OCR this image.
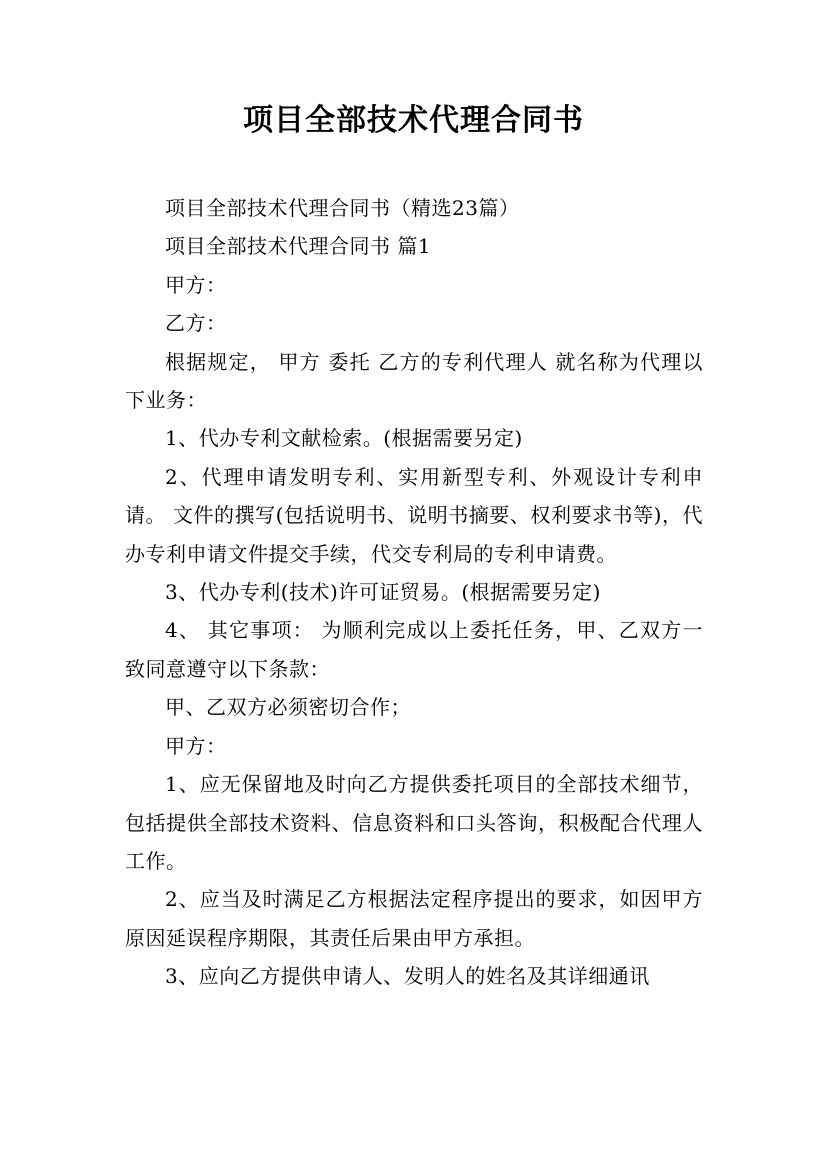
项目全部技术代理合同书

项目全部技术代理合同书（精选23篇）

项目全部技术代理合同书 篇1

甲方：

乙方：

根据规定， 甲方 委托 乙方的专利代理人 就名称为代理以下业务：

1、代办专利文献检索。(根据需要另定)

2、代理申请发明专利、实用新型专利、外观设计专利申请。 文件的撰写(包括说明书、说明书摘要、权利要求书等)，代办专利申请文件提交手续，代交专利局的专利申请费。

3、代办专利(技术)许可证贸易。(根据需要另定)

4、 其它事项： 为顺利完成以上委托任务，甲、乙双方一致同意遵守以下条款：

甲、乙双方必须密切合作；

甲方：

1、应无保留地及时向乙方提供委托项目的全部技术细节，包括提供全部技术资料、信息资料和口头答询，积极配合代理人工作。

2、应当及时满足乙方根据法定程序提出的要求，如因甲方原因延误程序期限，其责任后果由甲方承担。

3、应向乙方提供申请人、发明人的姓名及其详细通讯
